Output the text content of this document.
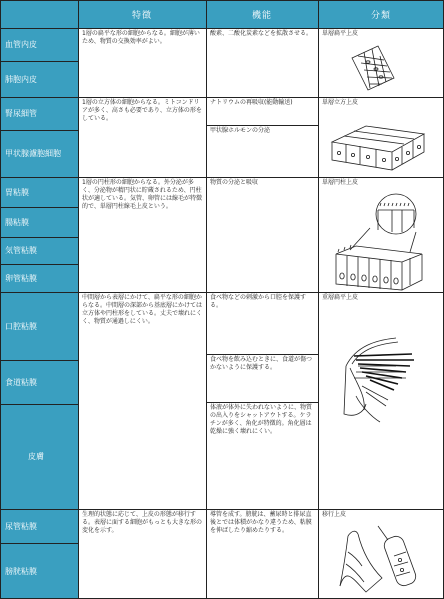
特徴	機能	分類
血管内皮
肺胞内皮
腎尿細管
甲状腺濾胞細胞
胃粘膜
腸粘膜
気管粘膜
卵管粘膜
口腔粘膜
食道粘膜
皮膚
尿管粘膜
膀胱粘膜
1層の扁平な形の細胞からなる。細胞が薄いため、物質の交換効率がよい。
1層の立方体の細胞からなる。ミトコンドリアが多く、高さも必要であり、立方体の形をしている。
1層の円柱形の細胞からなる。外分泌が多く、分泌物が精円状に貯蔵されるため、円柱状が適している。気管、卵管には線毛が特徴的で、単層円柱線毛上皮という。
中間層から表層にかけて、扁平な形の細胞からなる。中間層の深部から基底層にかけては立方体や円柱形をしている。丈夫で壊れにくく、物質が通過しにくい。
生理的状態に応じて、上皮の形態が移行する。表層に面する細胞がもっとも大きな形の変化を示す。
酸素、二酸化炭素などを拡散させる。
ナトリウムの再吸収(能動輸送)
甲状腺ホルモンの分泌
物質の分泌と吸収
食べ物などの刺激から口腔を保護する。
食べ物を飲み込むときに、食道が傷つかないように保護する。
体液が体外に失われないように、物質の出入りをシャットアウトする。ケラチンが多く、角化が特徴的。角化層は乾燥に強く壊れにくい。
導管を成す。膀胱は、蓄尿時と排尿直後とでは体積がかなり違うため、粘膜を伸ばしたり縮めたりする。
単層扁平上皮
単層立方上皮
単層円柱上皮
重層扁平上皮
移行上皮
